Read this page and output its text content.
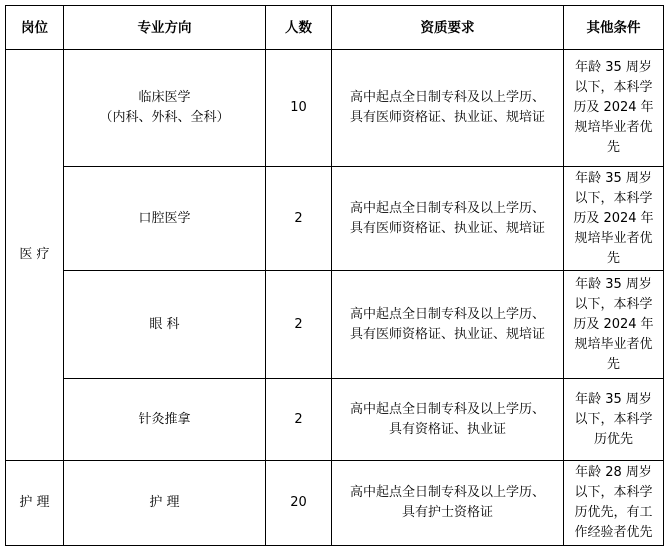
岗位	专业方向	人数	资质要求	其他条件

医 疗	临床医学
（内科、外科、全科）	10	高中起点全日制专科及以上学历、
具有医师资格证、执业证、规培证	年龄 35 周岁
以下，本科学
历及 2024 年
规培毕业者优
先

	口腔医学	2	高中起点全日制专科及以上学历、
具有医师资格证、执业证、规培证	年龄 35 周岁
以下，本科学
历及 2024 年
规培毕业者优
先

	眼 科	2	高中起点全日制专科及以上学历、
具有医师资格证、执业证、规培证	年龄 35 周岁
以下，本科学
历及 2024 年
规培毕业者优
先

	针灸推拿	2	高中起点全日制专科及以上学历、
具有资格证、执业证	年龄 35 周岁
以下，本科学
历优先

护 理	护 理	20	高中起点全日制专科及以上学历、
具有护士资格证	年龄 28 周岁
以下，本科学
历优先，有工
作经验者优先
